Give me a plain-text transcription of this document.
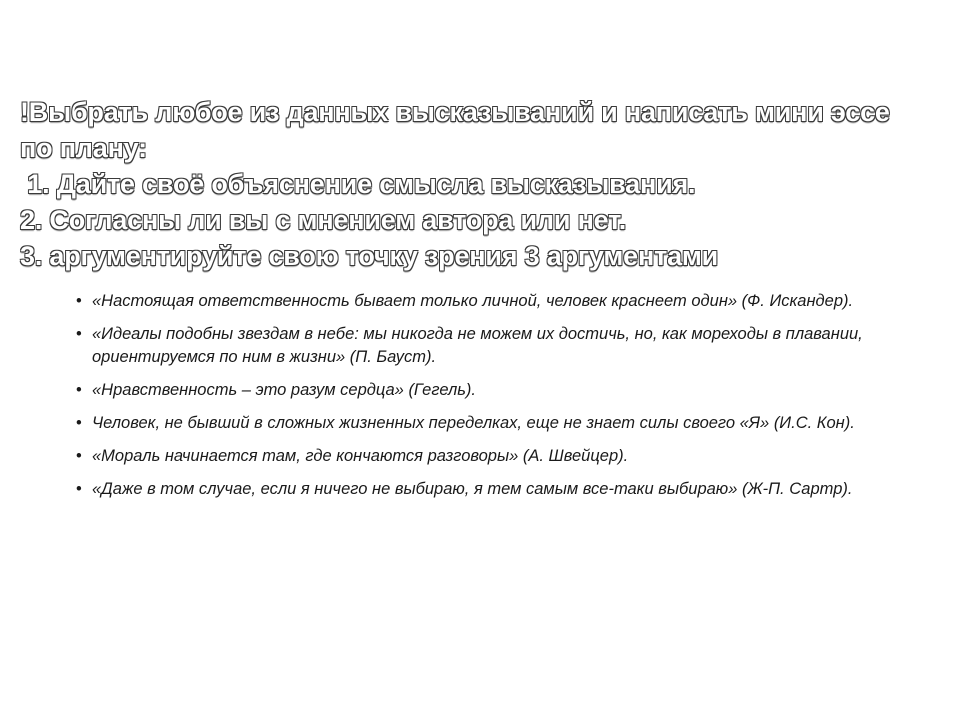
!Выбрать любое из данных высказываний и написать мини эссе
по плану:
1. Дайте своё объяснение смысла высказывания.
2. Согласны ли вы с мнением автора или нет.
3. аргументируйте свою точку зрения 3 аргументами
• «Настоящая ответственность бывает только личной, человек краснеет один» (Ф. Искандер).
• «Идеалы подобны звездам в небе: мы никогда не можем их достичь, но, как мореходы в плавании, ориентируемся по ним в жизни» (П. Бауст).
• «Нравственность – это разум сердца» (Гегель).
• Человек, не бывший в сложных жизненных переделках, еще не знает силы своего «Я» (И.С. Кон).
• «Мораль начинается там, где кончаются разговоры» (А. Швейцер).
• «Даже в том случае, если я ничего не выбираю, я тем самым все-таки выбираю» (Ж-П. Сартр).
